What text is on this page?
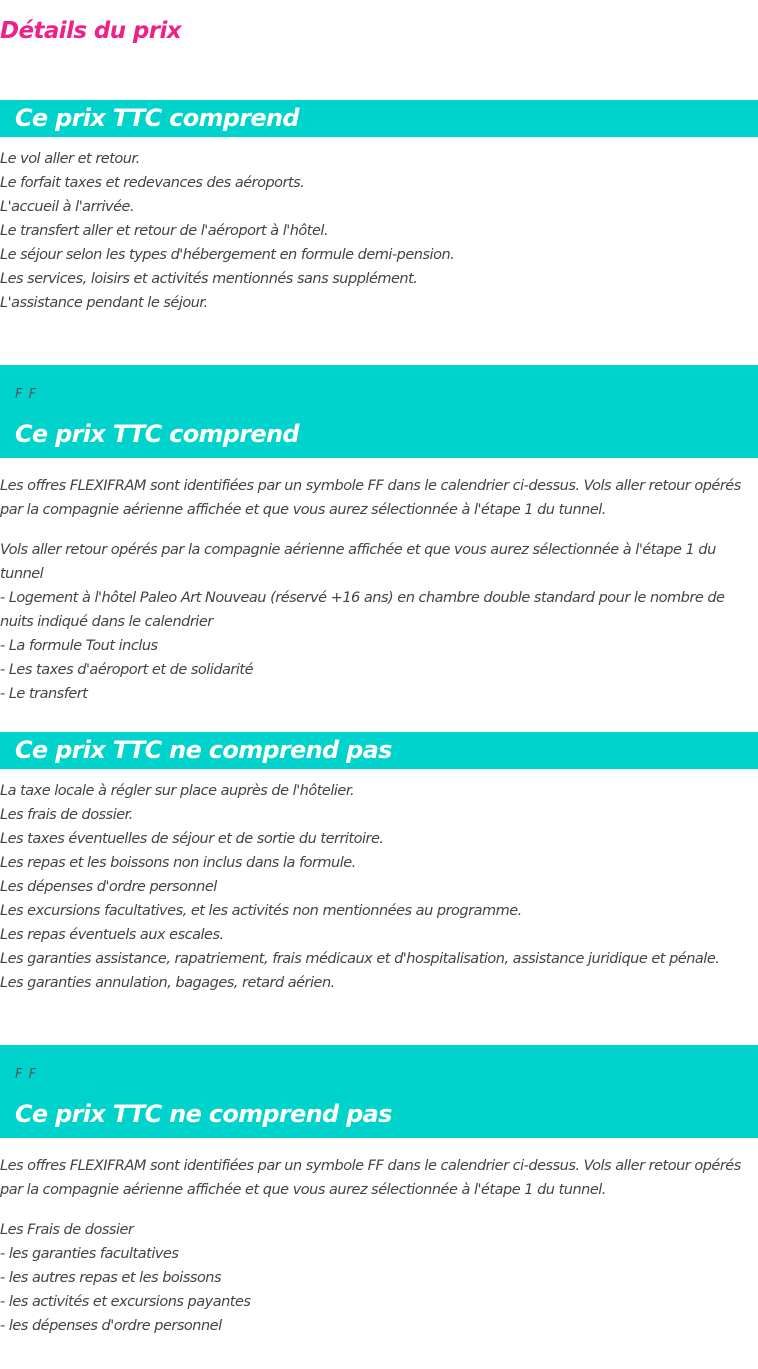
Détails du prix
Ce prix TTC comprend
Le vol aller et retour.
Le forfait taxes et redevances des aéroports.
L'accueil à l'arrivée.
Le transfert aller et retour de l'aéroport à l'hôtel.
Le séjour selon les types d'hébergement en formule demi-pension.
Les services, loisirs et activités mentionnés sans supplément.
L'assistance pendant le séjour.
F F
Ce prix TTC comprend

Les offres FLEXIFRAM sont identifiées par un symbole FF dans le calendrier ci-dessus. Vols aller retour opérés par la compagnie aérienne affichée et que vous aurez sélectionnée à l'étape 1 du tunnel.

Vols aller retour opérés par la compagnie aérienne affichée et que vous aurez sélectionnée à l'étape 1 du tunnel

- Logement à l'hôtel Paleo Art Nouveau (réservé +16 ans) en chambre double standard pour le nombre de nuits indiqué dans le calendrier

- La formule Tout inclus

- Les taxes d'aéroport et de solidarité

- Le transfert

Ce prix TTC ne comprend pas
La taxe locale à régler sur place auprès de l'hôtelier.
Les frais de dossier.
Les taxes éventuelles de séjour et de sortie du territoire.
Les repas et les boissons non inclus dans la formule.
Les dépenses d'ordre personnel
Les excursions facultatives, et les activités non mentionnées au programme.
Les repas éventuels aux escales.
Les garanties assistance, rapatriement, frais médicaux et d'hospitalisation, assistance juridique et pénale.
Les garanties annulation, bagages, retard aérien.
F F
Ce prix TTC ne comprend pas

Les offres FLEXIFRAM sont identifiées par un symbole FF dans le calendrier ci-dessus. Vols aller retour opérés par la compagnie aérienne affichée et que vous aurez sélectionnée à l'étape 1 du tunnel.

Les Frais de dossier

- les garanties facultatives

- les autres repas et les boissons

- les activités et excursions payantes

- les dépenses d'ordre personnel
